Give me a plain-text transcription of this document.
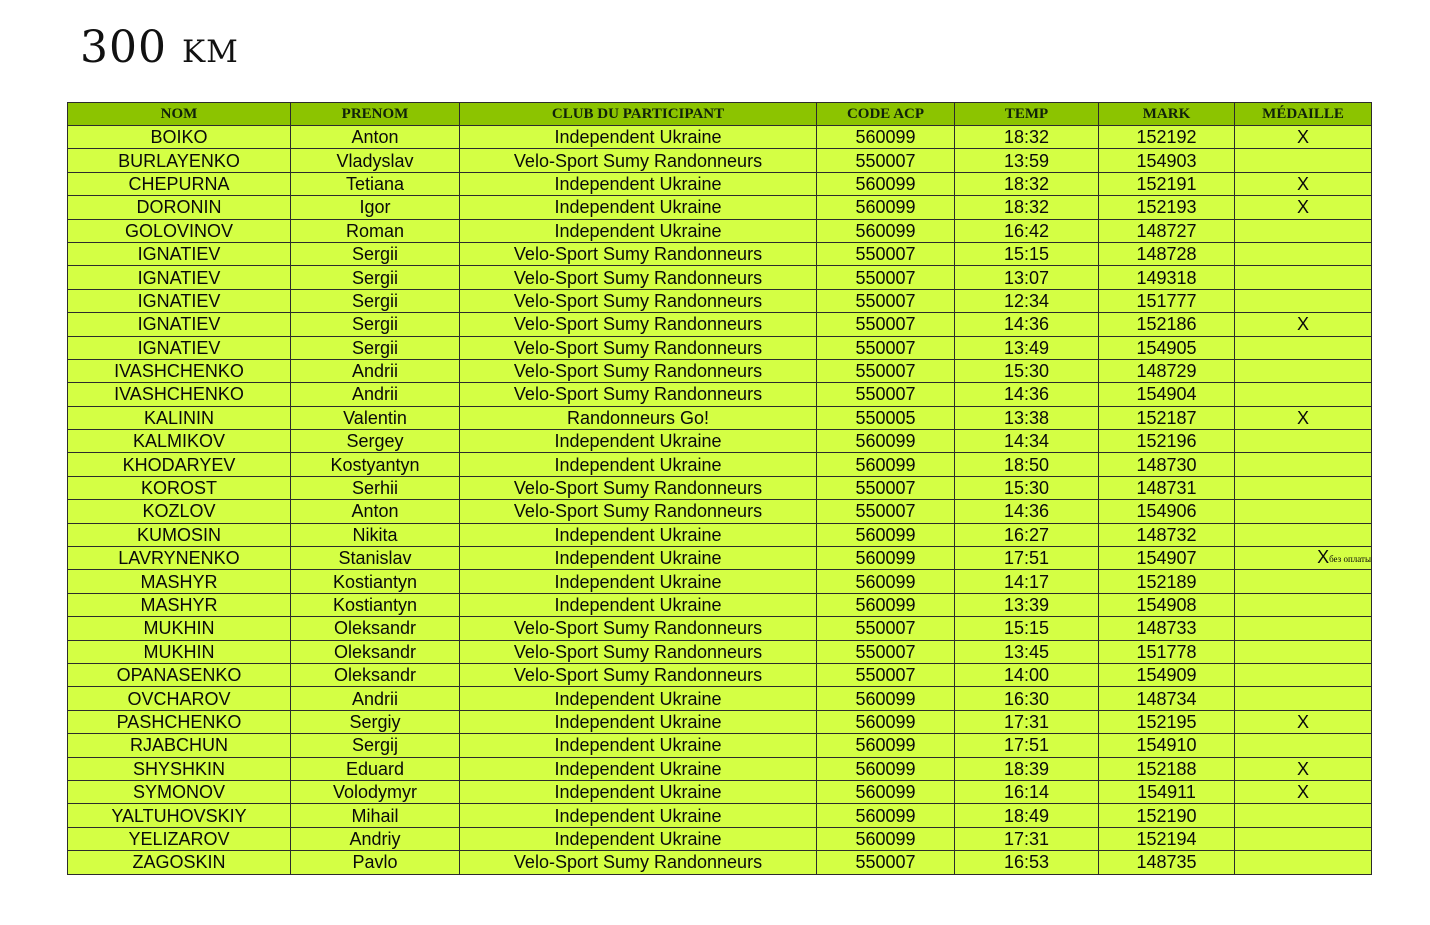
300 km
NOM	PRENOM	CLUB DU PARTICIPANT	CODE ACP	TEMP	MARK	MÉDAILLE
BOIKO	Anton	Independent Ukraine	560099	18:32	152192	X
BURLAYENKO	Vladyslav	Velo-Sport Sumy Randonneurs	550007	13:59	154903	
CHEPURNA	Tetiana	Independent Ukraine	560099	18:32	152191	X
DORONIN	Igor	Independent Ukraine	560099	18:32	152193	X
GOLOVINOV	Roman	Independent Ukraine	560099	16:42	148727	
IGNATIEV	Sergii	Velo-Sport Sumy Randonneurs	550007	15:15	148728	
IGNATIEV	Sergii	Velo-Sport Sumy Randonneurs	550007	13:07	149318	
IGNATIEV	Sergii	Velo-Sport Sumy Randonneurs	550007	12:34	151777	
IGNATIEV	Sergii	Velo-Sport Sumy Randonneurs	550007	14:36	152186	X
IGNATIEV	Sergii	Velo-Sport Sumy Randonneurs	550007	13:49	154905	
IVASHCHENKO	Andrii	Velo-Sport Sumy Randonneurs	550007	15:30	148729	
IVASHCHENKO	Andrii	Velo-Sport Sumy Randonneurs	550007	14:36	154904	
KALININ	Valentin	Randonneurs Go!	550005	13:38	152187	X
KALMIKOV	Sergey	Independent Ukraine	560099	14:34	152196	
KHODARYEV	Kostyantyn	Independent Ukraine	560099	18:50	148730	
KOROST	Serhii	Velo-Sport Sumy Randonneurs	550007	15:30	148731	
KOZLOV	Anton	Velo-Sport Sumy Randonneurs	550007	14:36	154906	
KUMOSIN	Nikita	Independent Ukraine	560099	16:27	148732	
LAVRYNENKO	Stanislav	Independent Ukraine	560099	17:51	154907	Xбез оплаты
MASHYR	Kostiantyn	Independent Ukraine	560099	14:17	152189	
MASHYR	Kostiantyn	Independent Ukraine	560099	13:39	154908	
MUKHIN	Oleksandr	Velo-Sport Sumy Randonneurs	550007	15:15	148733	
MUKHIN	Oleksandr	Velo-Sport Sumy Randonneurs	550007	13:45	151778	
OPANASENKO	Oleksandr	Velo-Sport Sumy Randonneurs	550007	14:00	154909	
OVCHAROV	Andrii	Independent Ukraine	560099	16:30	148734	
PASHCHENKO	Sergiy	Independent Ukraine	560099	17:31	152195	X
RJABCHUN	Sergij	Independent Ukraine	560099	17:51	154910	
SHYSHKIN	Eduard	Independent Ukraine	560099	18:39	152188	X
SYMONOV	Volodymyr	Independent Ukraine	560099	16:14	154911	X
YALTUHOVSKIY	Mihail	Independent Ukraine	560099	18:49	152190	
YELIZAROV	Andriy	Independent Ukraine	560099	17:31	152194	
ZAGOSKIN	Pavlo	Velo-Sport Sumy Randonneurs	550007	16:53	148735	
